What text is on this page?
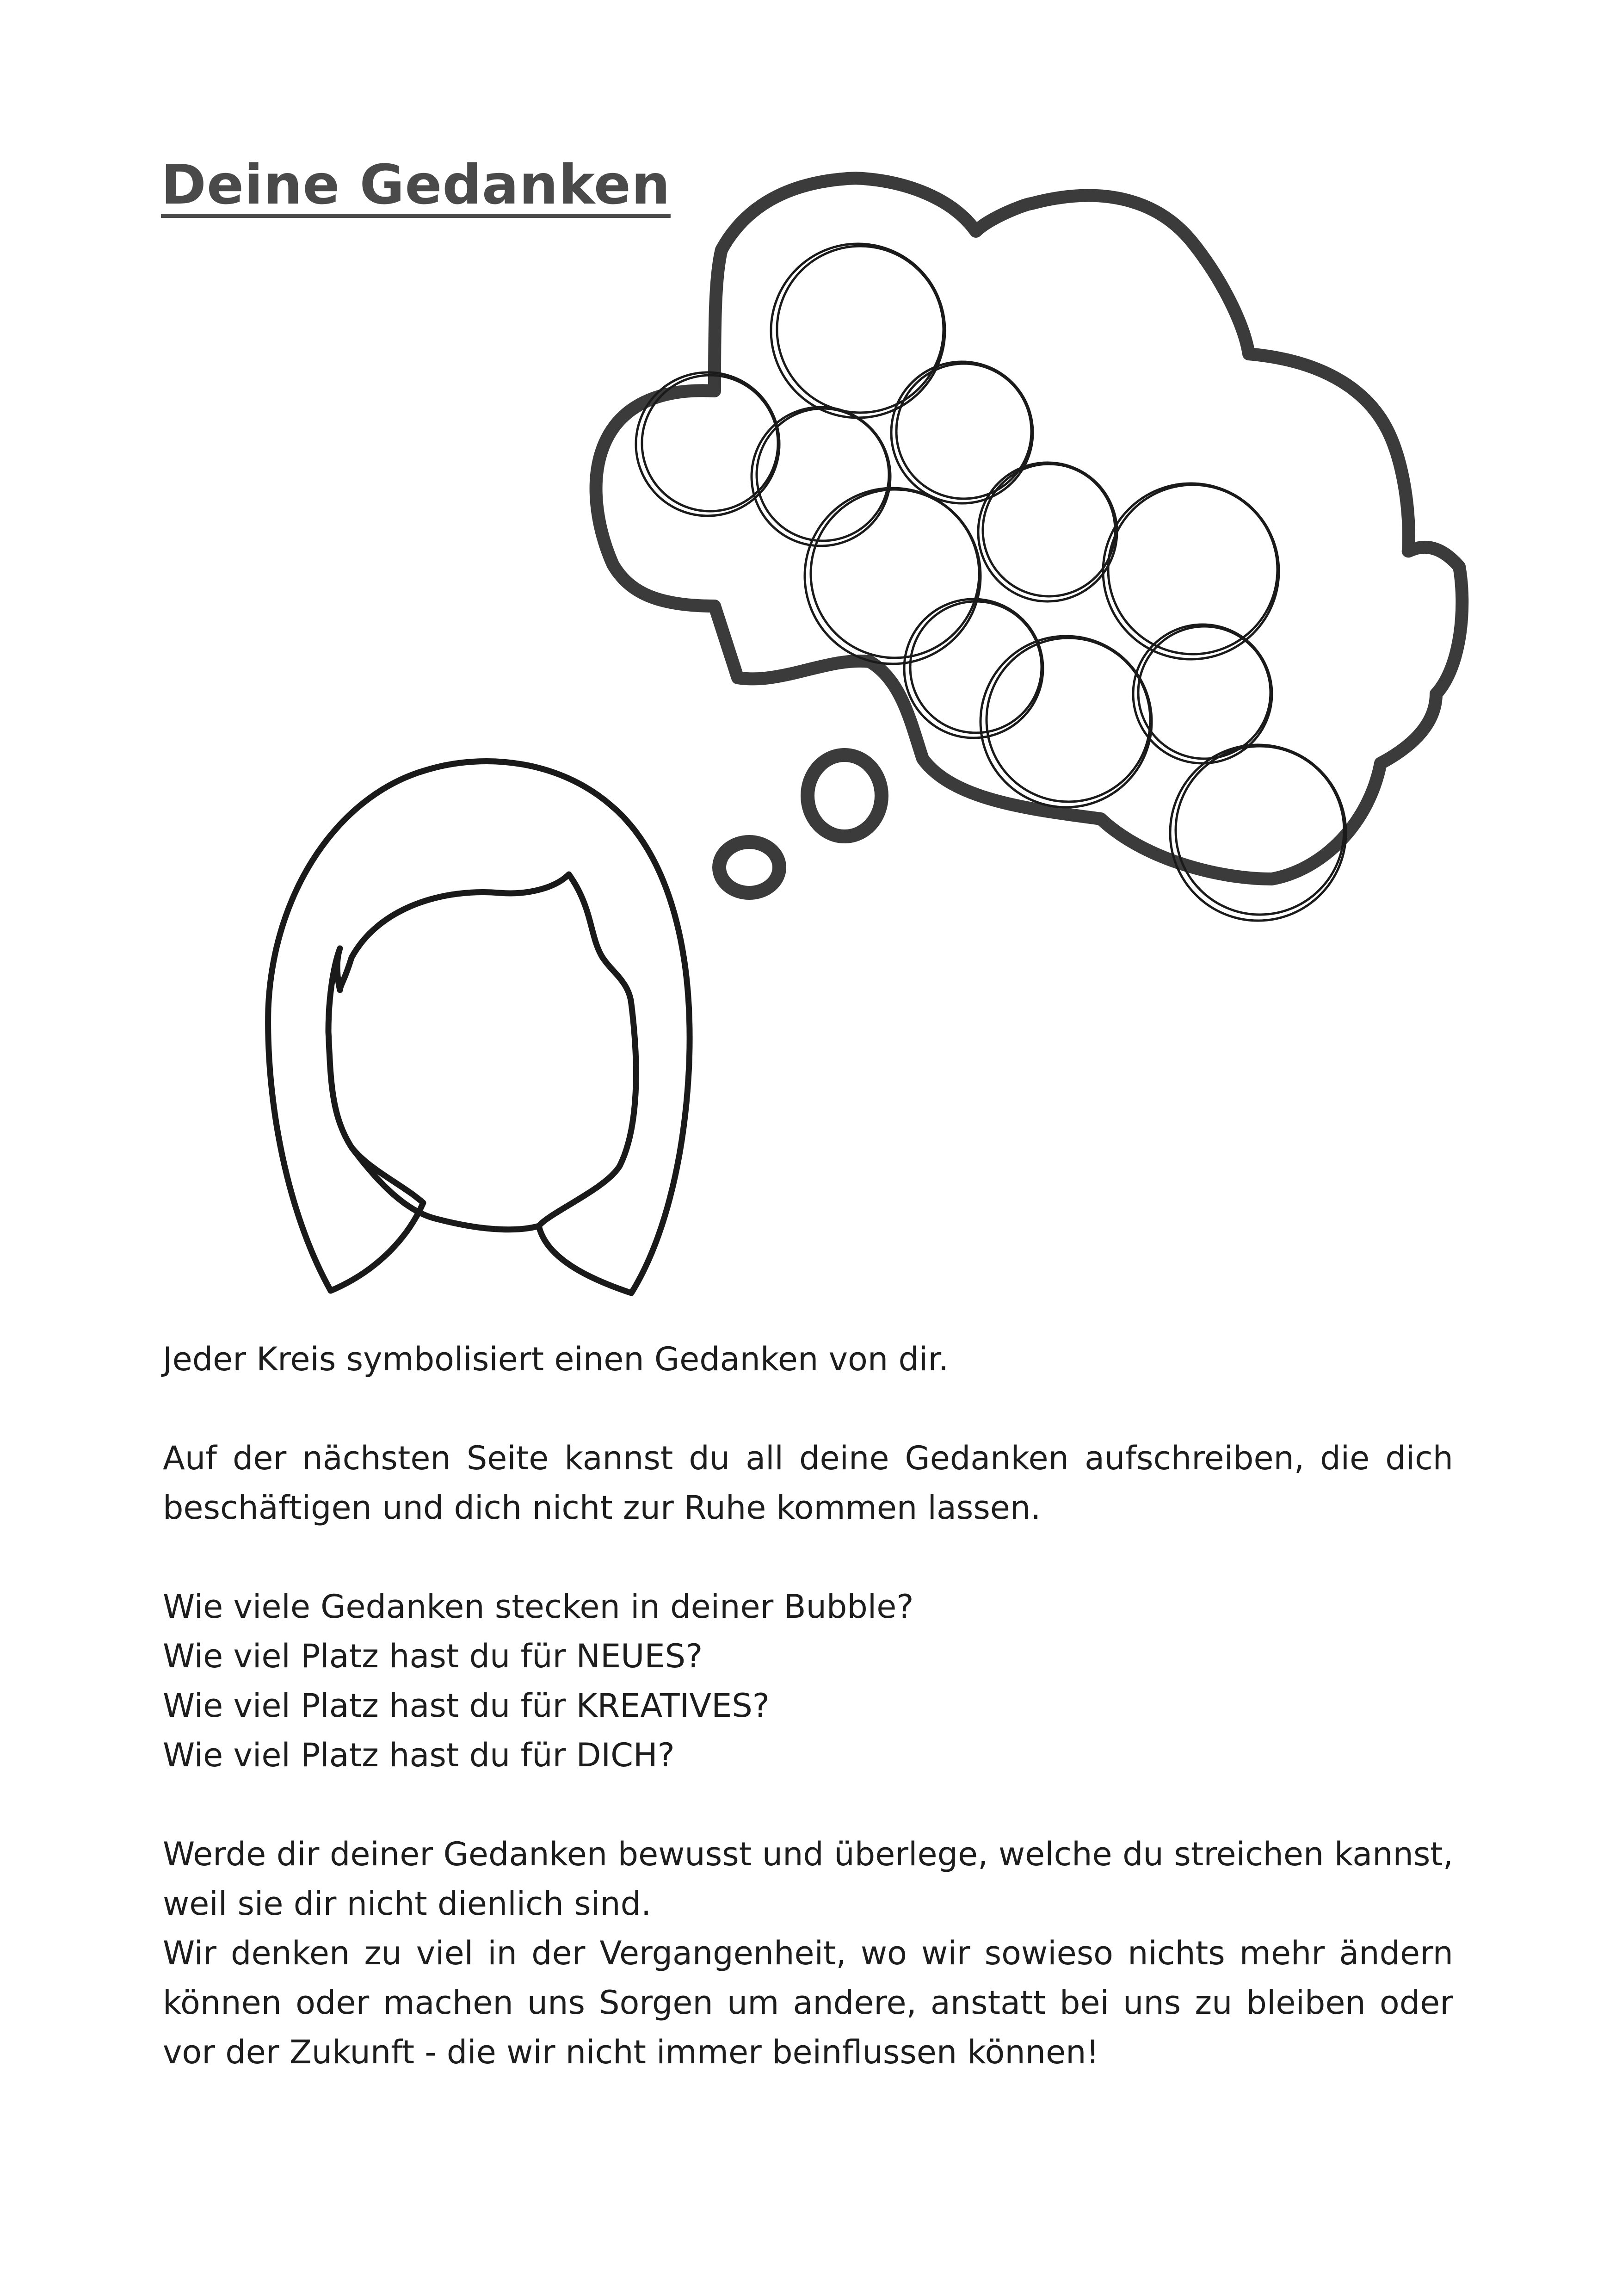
Deine Gedanken

Jeder Kreis symbolisiert einen Gedanken von dir.

Auf der nächsten Seite kannst du all deine Gedanken aufschreiben, die dich beschäftigen und dich nicht zur Ruhe kommen lassen.

Wie viele Gedanken stecken in deiner Bubble?

Wie viel Platz hast du für NEUES?

Wie viel Platz hast du für KREATIVES?

Wie viel Platz hast du für DICH?

Werde dir deiner Gedanken bewusst und überlege, welche du streichen kannst, weil sie dir nicht dienlich sind.

Wir denken zu viel in der Vergangenheit, wo wir sowieso nichts mehr ändern können oder machen uns Sorgen um andere, anstatt bei uns zu bleiben oder vor der Zukunft - die wir nicht immer beinflussen können!
